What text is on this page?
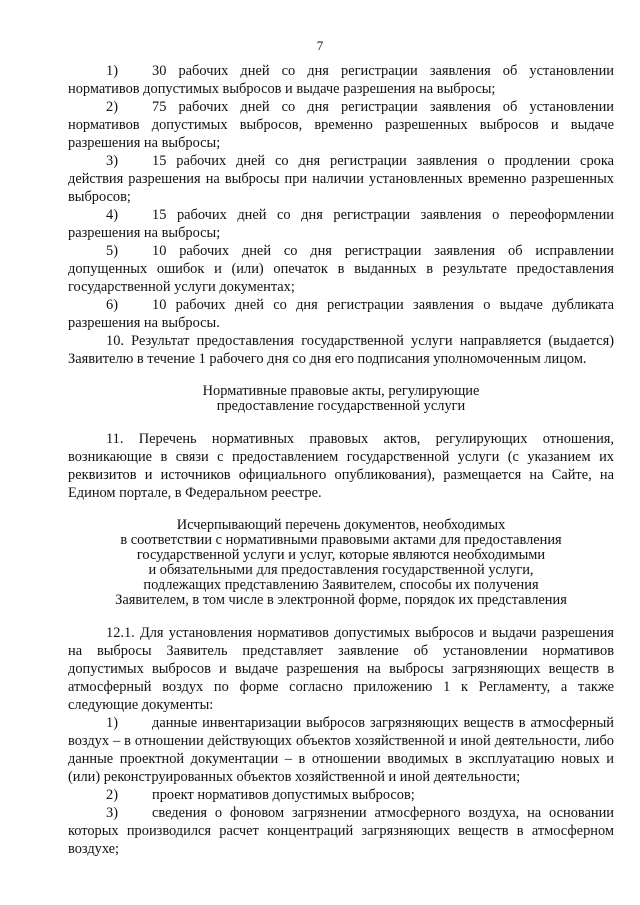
7

1) 30 рабочих дней со дня регистрации заявления об установлении нормативов допустимых выбросов и выдаче разрешения на выбросы;

2) 75 рабочих дней со дня регистрации заявления об установлении нормативов допустимых выбросов, временно разрешенных выбросов и выдаче разрешения на выбросы;

3) 15 рабочих дней со дня регистрации заявления о продлении срока действия разрешения на выбросы при наличии установленных временно разрешенных выбросов;

4) 15 рабочих дней со дня регистрации заявления о переоформлении разрешения на выбросы;

5) 10 рабочих дней со дня регистрации заявления об исправлении допущенных ошибок и (или) опечаток в выданных в результате предоставления государственной услуги документах;

6) 10 рабочих дней со дня регистрации заявления о выдаче дубликата разрешения на выбросы.

10. Результат предоставления государственной услуги направляется (выдается) Заявителю в течение 1 рабочего дня со дня его подписания уполномоченным лицом.

Нормативные правовые акты, регулирующие
предоставление государственной услуги

11. Перечень нормативных правовых актов, регулирующих отношения, возникающие в связи с предоставлением государственной услуги (с указанием их реквизитов и источников официального опубликования), размещается на Сайте, на Едином портале, в Федеральном реестре.

Исчерпывающий перечень документов, необходимых
в соответствии с нормативными правовыми актами для предоставления
государственной услуги и услуг, которые являются необходимыми
и обязательными для предоставления государственной услуги,
подлежащих представлению Заявителем, способы их получения
Заявителем, в том числе в электронной форме, порядок их представления

12.1. Для установления нормативов допустимых выбросов и выдачи разрешения на выбросы Заявитель представляет заявление об установлении нормативов допустимых выбросов и выдаче разрешения на выбросы загрязняющих веществ в атмосферный воздух по форме согласно приложению 1 к Регламенту, а также следующие документы:

1) данные инвентаризации выбросов загрязняющих веществ в атмосферный воздух – в отношении действующих объектов хозяйственной и иной деятельности, либо данные проектной документации – в отношении вводимых в эксплуатацию новых и (или) реконструированных объектов хозяйственной и иной деятельности;

2) проект нормативов допустимых выбросов;

3) сведения о фоновом загрязнении атмосферного воздуха, на основании которых производился расчет концентраций загрязняющих веществ в атмосферном воздухе;
